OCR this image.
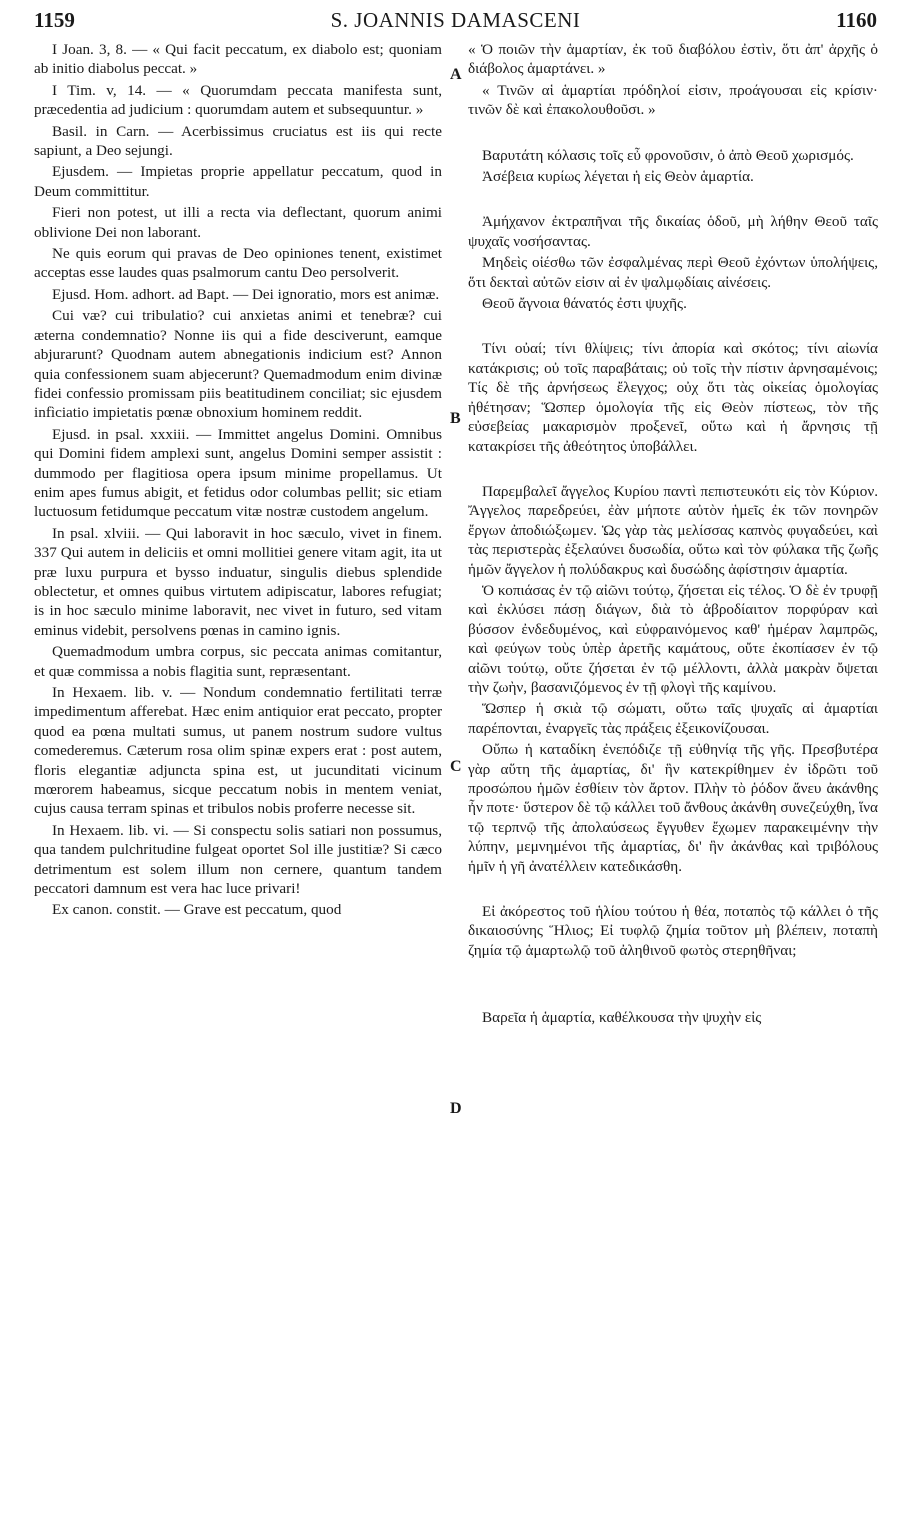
1159	S. JOANNIS DAMASCENI	1160
A
B
C
D

I Joan. 3, 8. — « Qui facit peccatum, ex diabolo est; quoniam ab initio diabolus peccat. »

I Tim. v, 14. — « Quorumdam peccata manifesta sunt, præcedentia ad judicium : quorumdam autem et subsequuntur. »

Basil. in Carn. — Acerbissimus cruciatus est iis qui recte sapiunt, a Deo sejungi.

Ejusdem. — Impietas proprie appellatur peccatum, quod in Deum committitur.

Fieri non potest, ut illi a recta via deflectant, quorum animi oblivione Dei non laborant.

Ne quis eorum qui pravas de Deo opiniones tenent, existimet acceptas esse laudes quas psalmorum cantu Deo persolverit.

Ejusd. Hom. adhort. ad Bapt. — Dei ignoratio, mors est animæ.

Cui væ? cui tribulatio? cui anxietas animi et tenebræ? cui æterna condemnatio? Nonne iis qui a fide desciverunt, eamque abjurarunt? Quodnam autem abnegationis indicium est? Annon quia confessionem suam abjecerunt? Quemadmodum enim divinæ fidei confessio promissam piis beatitudinem conciliat; sic ejusdem infìciatio impietatis pœnæ obnoxium hominem reddit.

Ejusd. in psal. xxxiii. — Immittet angelus Domini. Omnibus qui Domini fidem amplexi sunt, angelus Domini semper assistit : dummodo per flagitiosa opera ipsum minime propellamus. Ut enim apes fumus abigit, et fetidus odor columbas pellit; sic etiam luctuosum fetidumque peccatum vitæ nostræ custodem angelum.

In psal. xlviii. — Qui laboravit in hoc sæculo, vivet in finem. 337 Qui autem in deliciis et omni mollitiei genere vitam agit, ita ut præ luxu purpura et bysso induatur, singulis diebus splendide oblectetur, et omnes quibus virtutem adipiscatur, labores refugiat; is in hoc sæculo minime laboravit, nec vivet in futuro, sed vitam eminus videbit, persolvens pœnas in camino ignis.

Quemadmodum umbra corpus, sic peccata animas comitantur, et quæ commissa a nobis flagitia sunt, repræsentant.

In Hexaem. lib. v. — Nondum condemnatio fertilitati terræ impedimentum afferebat. Hæc enim antiquior erat peccato, propter quod ea pœna multati sumus, ut panem nostrum sudore vultus comederemus. Cæterum rosa olim spinæ expers erat : post autem, floris elegantiæ adjuncta spina est, ut jucunditati vicinum mœrorem habeamus, sicque peccatum nobis in mentem veniat, cujus causa terram spinas et tribulos nobis proferre necesse sit.

In Hexaem. lib. vi. — Si conspectu solis satiari non possumus, qua tandem pulchritudine fulgeat oportet Sol ille justitiæ? Si cæco detrimentum est solem illum non cernere, quantum tandem peccatori damnum est vera hac luce privari!

Ex canon. constit. — Grave est peccatum, quod

« Ὁ ποιῶν τὴν ἁμαρτίαν, ἐκ τοῦ διαβόλου ἐστὶν, ὅτι ἀπ' ἀρχῆς ὁ διάβολος ἁμαρτάνει. »

« Τινῶν αἱ ἁμαρτίαι πρόδηλοί εἰσιν, προάγουσαι εἰς κρίσιν· τινῶν δὲ καὶ ἐπακολουθοῦσι. »

Βαρυτάτη κόλασις τοῖς εὖ φρονοῦσιν, ὁ ἀπὸ Θεοῦ χωρισμός.

Ἀσέβεια κυρίως λέγεται ἡ εἰς Θεὸν ἁμαρτία.

Ἀμήχανον ἐκτραπῆναι τῆς δικαίας ὁδοῦ, μὴ λήθην Θεοῦ ταῖς ψυχαῖς νοσήσαντας.

Μηδεὶς οἰέσθω τῶν ἐσφαλμένας περὶ Θεοῦ ἐχόντων ὑπολήψεις, ὅτι δεκταὶ αὐτῶν εἰσιν αἱ ἐν ψαλμῳδίαις αἰνέσεις.

Θεοῦ ἄγνοια θάνατός ἐστι ψυχῆς.

Τίνι οὐαί; τίνι θλίψεις; τίνι ἀπορία καὶ σκότος; τίνι αἰωνία κατάκρισις; οὐ τοῖς παραβάταις; οὐ τοῖς τὴν πίστιν ἀρνησαμένοις; Τίς δὲ τῆς ἀρνήσεως ἔλεγχος; οὐχ ὅτι τὰς οἰκείας ὁμολογίας ἠθέτησαν; Ὥσπερ ὁμολογία τῆς εἰς Θεὸν πίστεως, τὸν τῆς εὐσεβείας μακαρισμὸν προξενεῖ, οὕτω καὶ ἡ ἄρνησις τῇ κατακρίσει τῆς ἀθεότητος ὑποβάλλει.

Παρεμβαλεῖ ἄγγελος Κυρίου παντὶ πεπιστευκότι εἰς τὸν Κύριον. Ἄγγελος παρεδρεύει, ἐὰν μήποτε αὐτὸν ἡμεῖς ἐκ τῶν πονηρῶν ἔργων ἀποδιώξωμεν. Ὡς γὰρ τὰς μελίσσας καπνὸς φυγαδεύει, καὶ τὰς περιστερὰς ἐξελαύνει δυσωδία, οὕτω καὶ τὸν φύλακα τῆς ζωῆς ἡμῶν ἄγγελον ἡ πολύδακρυς καὶ δυσώδης ἀφίστησιν ἁμαρτία.

Ὁ κοπιάσας ἐν τῷ αἰῶνι τούτῳ, ζήσεται εἰς τέλος. Ὁ δὲ ἐν τρυφῇ καὶ ἐκλύσει πάσῃ διάγων, διὰ τὸ ἁβροδίαιτον πορφύραν καὶ βύσσον ἐνδεδυμένος, καὶ εὐφραινόμενος καθ' ἡμέραν λαμπρῶς, καὶ φεύγων τοὺς ὑπὲρ ἀρετῆς καμάτους, οὔτε ἐκοπίασεν ἐν τῷ αἰῶνι τούτῳ, οὔτε ζήσεται ἐν τῷ μέλλοντι, ἀλλὰ μακρὰν ὄψεται τὴν ζωὴν, βασανιζόμενος ἐν τῇ φλογὶ τῆς καμίνου.

Ὥσπερ ἡ σκιὰ τῷ σώματι, οὕτω ταῖς ψυχαῖς αἱ ἁμαρτίαι παρέπονται, ἐναργεῖς τὰς πράξεις ἐξεικονίζουσαι.

Οὔπω ἡ καταδίκη ἐνεπόδιζε τῇ εὐθηνίᾳ τῆς γῆς. Πρεσβυτέρα γὰρ αὕτη τῆς ἁμαρτίας, δι' ἣν κατεκρίθημεν ἐν ἱδρῶτι τοῦ προσώπου ἡμῶν ἐσθίειν τὸν ἄρτον. Πλὴν τὸ ῥόδον ἄνευ ἀκάνθης ἦν ποτε· ὕστερον δὲ τῷ κάλλει τοῦ ἄνθους ἀκάνθη συνεζεύχθη, ἵνα τῷ τερπνῷ τῆς ἀπολαύσεως ἔγγυθεν ἔχωμεν παρακειμένην τὴν λύπην, μεμνημένοι τῆς ἁμαρτίας, δι' ἣν ἀκάνθας καὶ τριβόλους ἡμῖν ἡ γῆ ἀνατέλλειν κατεδικάσθη.

Εἰ ἀκόρεστος τοῦ ἡλίου τούτου ἡ θέα, ποταπὸς τῷ κάλλει ὁ τῆς δικαιοσύνης Ἥλιος; Εἰ τυφλῷ ζημία τοῦτον μὴ βλέπειν, ποταπὴ ζημία τῷ ἁμαρτωλῷ τοῦ ἀληθινοῦ φωτὸς στερηθῆναι;

Βαρεῖα ἡ ἁμαρτία, καθέλκουσα τὴν ψυχὴν εἰς
